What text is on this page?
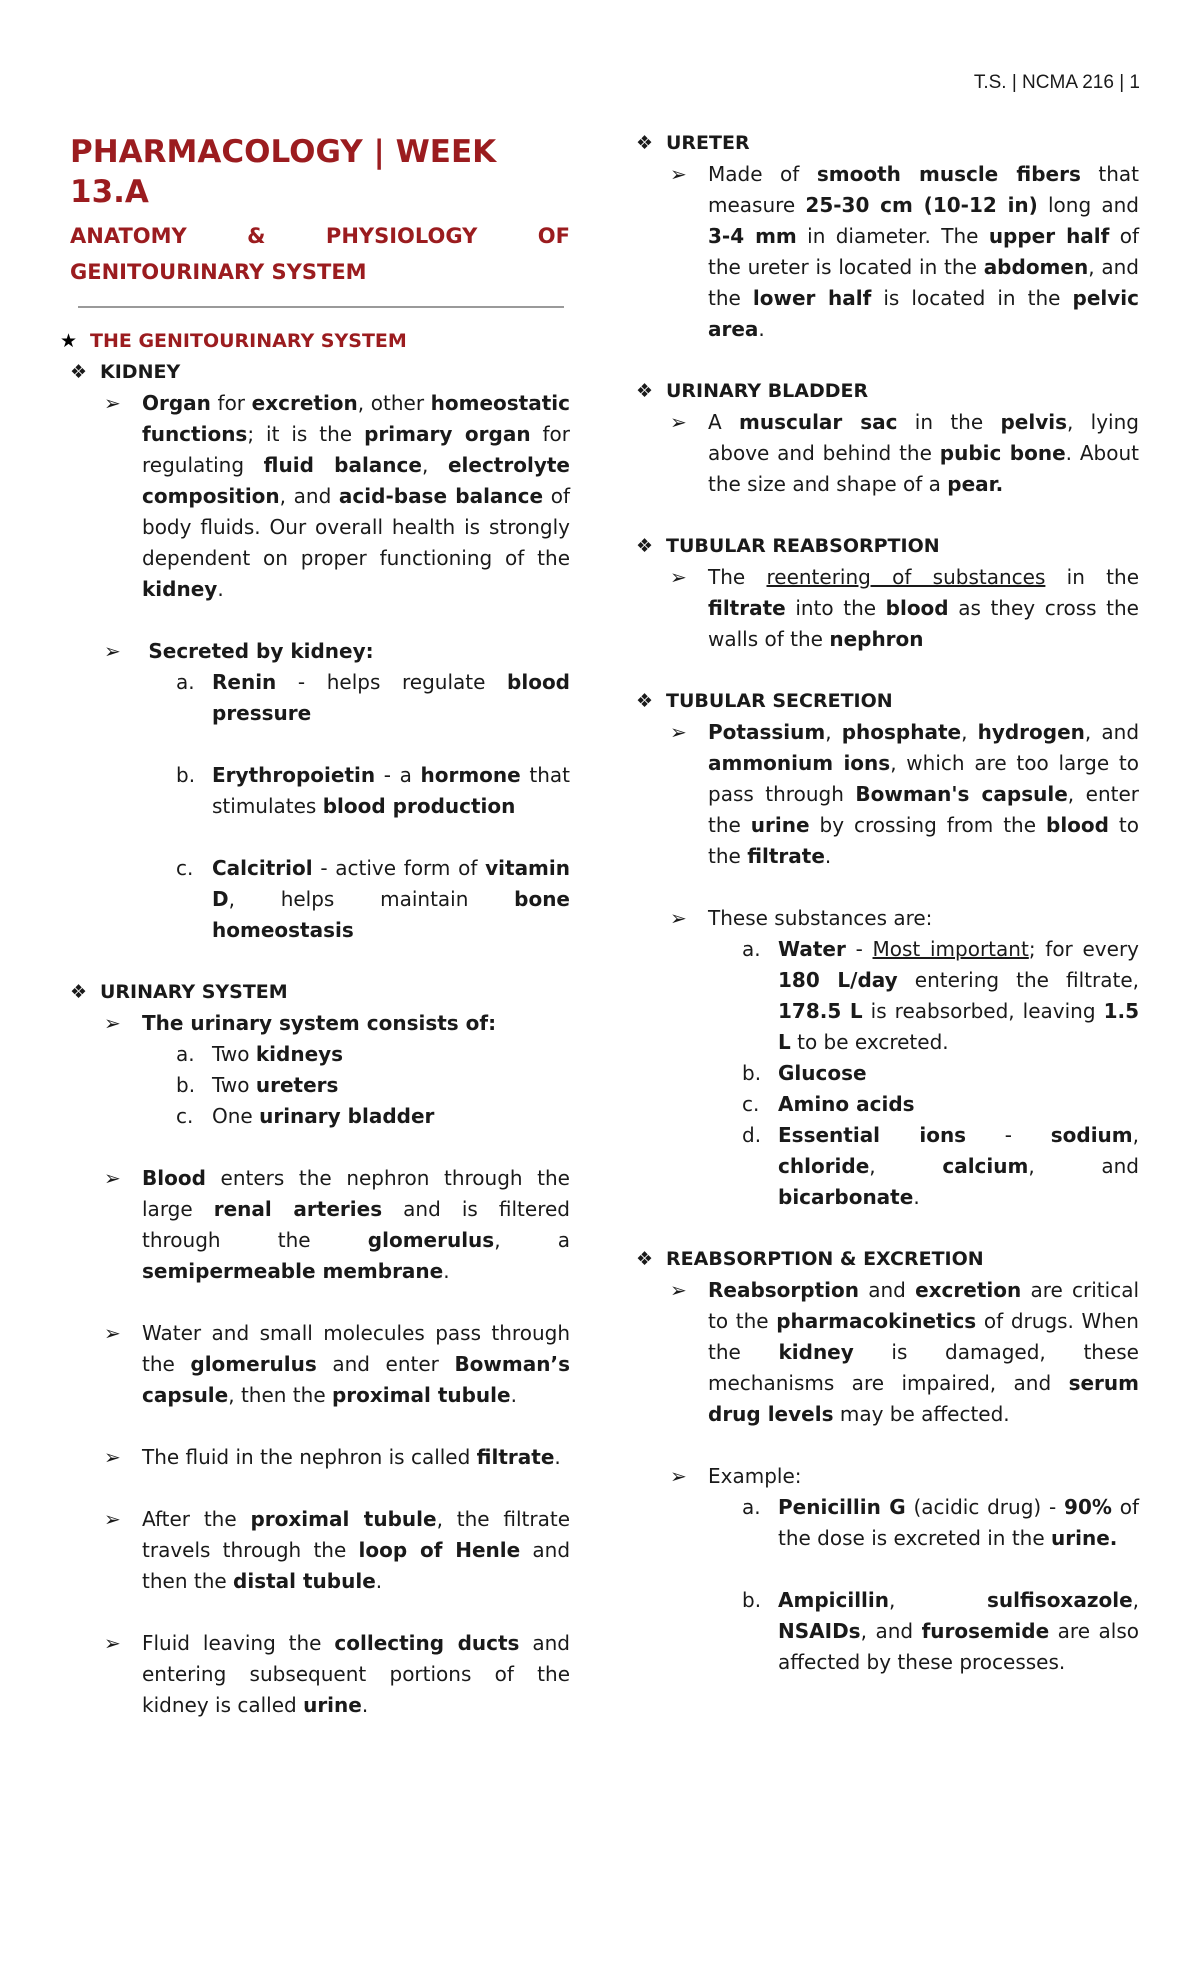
T.S. | NCMA 216 | 1
PHARMACOLOGY | WEEK 13.A
ANATOMY & PHYSIOLOGY OF
GENITOURINARY SYSTEM
★ THE GENITOURINARY SYSTEM
❖ KIDNEY
➢ Organ for excretion, other homeostatic functions; it is the primary organ for regulating fluid balance, electrolyte composition, and acid-base balance of body fluids. Our overall health is strongly dependent on proper functioning of the kidney.
➢ Secreted by kidney:
a. Renin - helps regulate blood pressure
b. Erythropoietin - a hormone that stimulates blood production
c. Calcitriol - active form of vitamin D, helps maintain bone homeostasis
❖ URINARY SYSTEM
➢ The urinary system consists of:
a. Two kidneys
b. Two ureters
c. One urinary bladder
➢ Blood enters the nephron through the large renal arteries and is filtered through the glomerulus, a semipermeable membrane.
➢ Water and small molecules pass through the glomerulus and enter Bowman’s capsule, then the proximal tubule.
➢ The fluid in the nephron is called filtrate.
➢ After the proximal tubule, the filtrate travels through the loop of Henle and then the distal tubule.
➢ Fluid leaving the collecting ducts and entering subsequent portions of the kidney is called urine.
❖ URETER
➢ Made of smooth muscle fibers that measure 25-30 cm (10-12 in) long and 3-4 mm in diameter. The upper half of the ureter is located in the abdomen, and the lower half is located in the pelvic area.
❖ URINARY BLADDER
➢ A muscular sac in the pelvis, lying above and behind the pubic bone. About the size and shape of a pear.
❖ TUBULAR REABSORPTION
➢ The reentering of substances in the filtrate into the blood as they cross the walls of the nephron
❖ TUBULAR SECRETION
➢ Potassium, phosphate, hydrogen, and ammonium ions, which are too large to pass through Bowman's capsule, enter the urine by crossing from the blood to the filtrate.
➢ These substances are:
a. Water - Most important; for every 180 L/day entering the filtrate, 178.5 L is reabsorbed, leaving 1.5 L to be excreted.
b. Glucose
c. Amino acids
d. Essential ions - sodium, chloride, calcium, and bicarbonate.
❖ REABSORPTION & EXCRETION
➢ Reabsorption and excretion are critical to the pharmacokinetics of drugs. When the kidney is damaged, these mechanisms are impaired, and serum drug levels may be affected.
➢ Example:
a. Penicillin G (acidic drug) - 90% of the dose is excreted in the urine.
b. Ampicillin, sulfisoxazole, NSAIDs, and furosemide are also affected by these processes.
